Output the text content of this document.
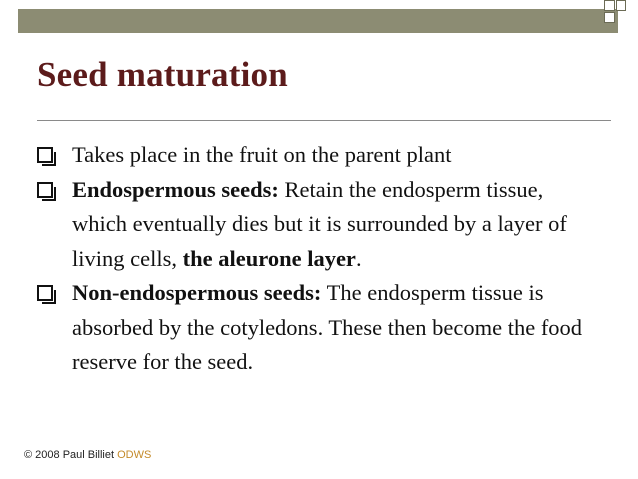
Seed maturation
Takes place in the fruit on the parent plant
Endospermous seeds: Retain the endosperm tissue, which eventually dies but it is surrounded by a layer of living cells, the aleurone layer.
Non-endospermous seeds: The endosperm tissue is absorbed by the cotyledons. These then become the food reserve for the seed.
© 2008 Paul Billiet ODWS
